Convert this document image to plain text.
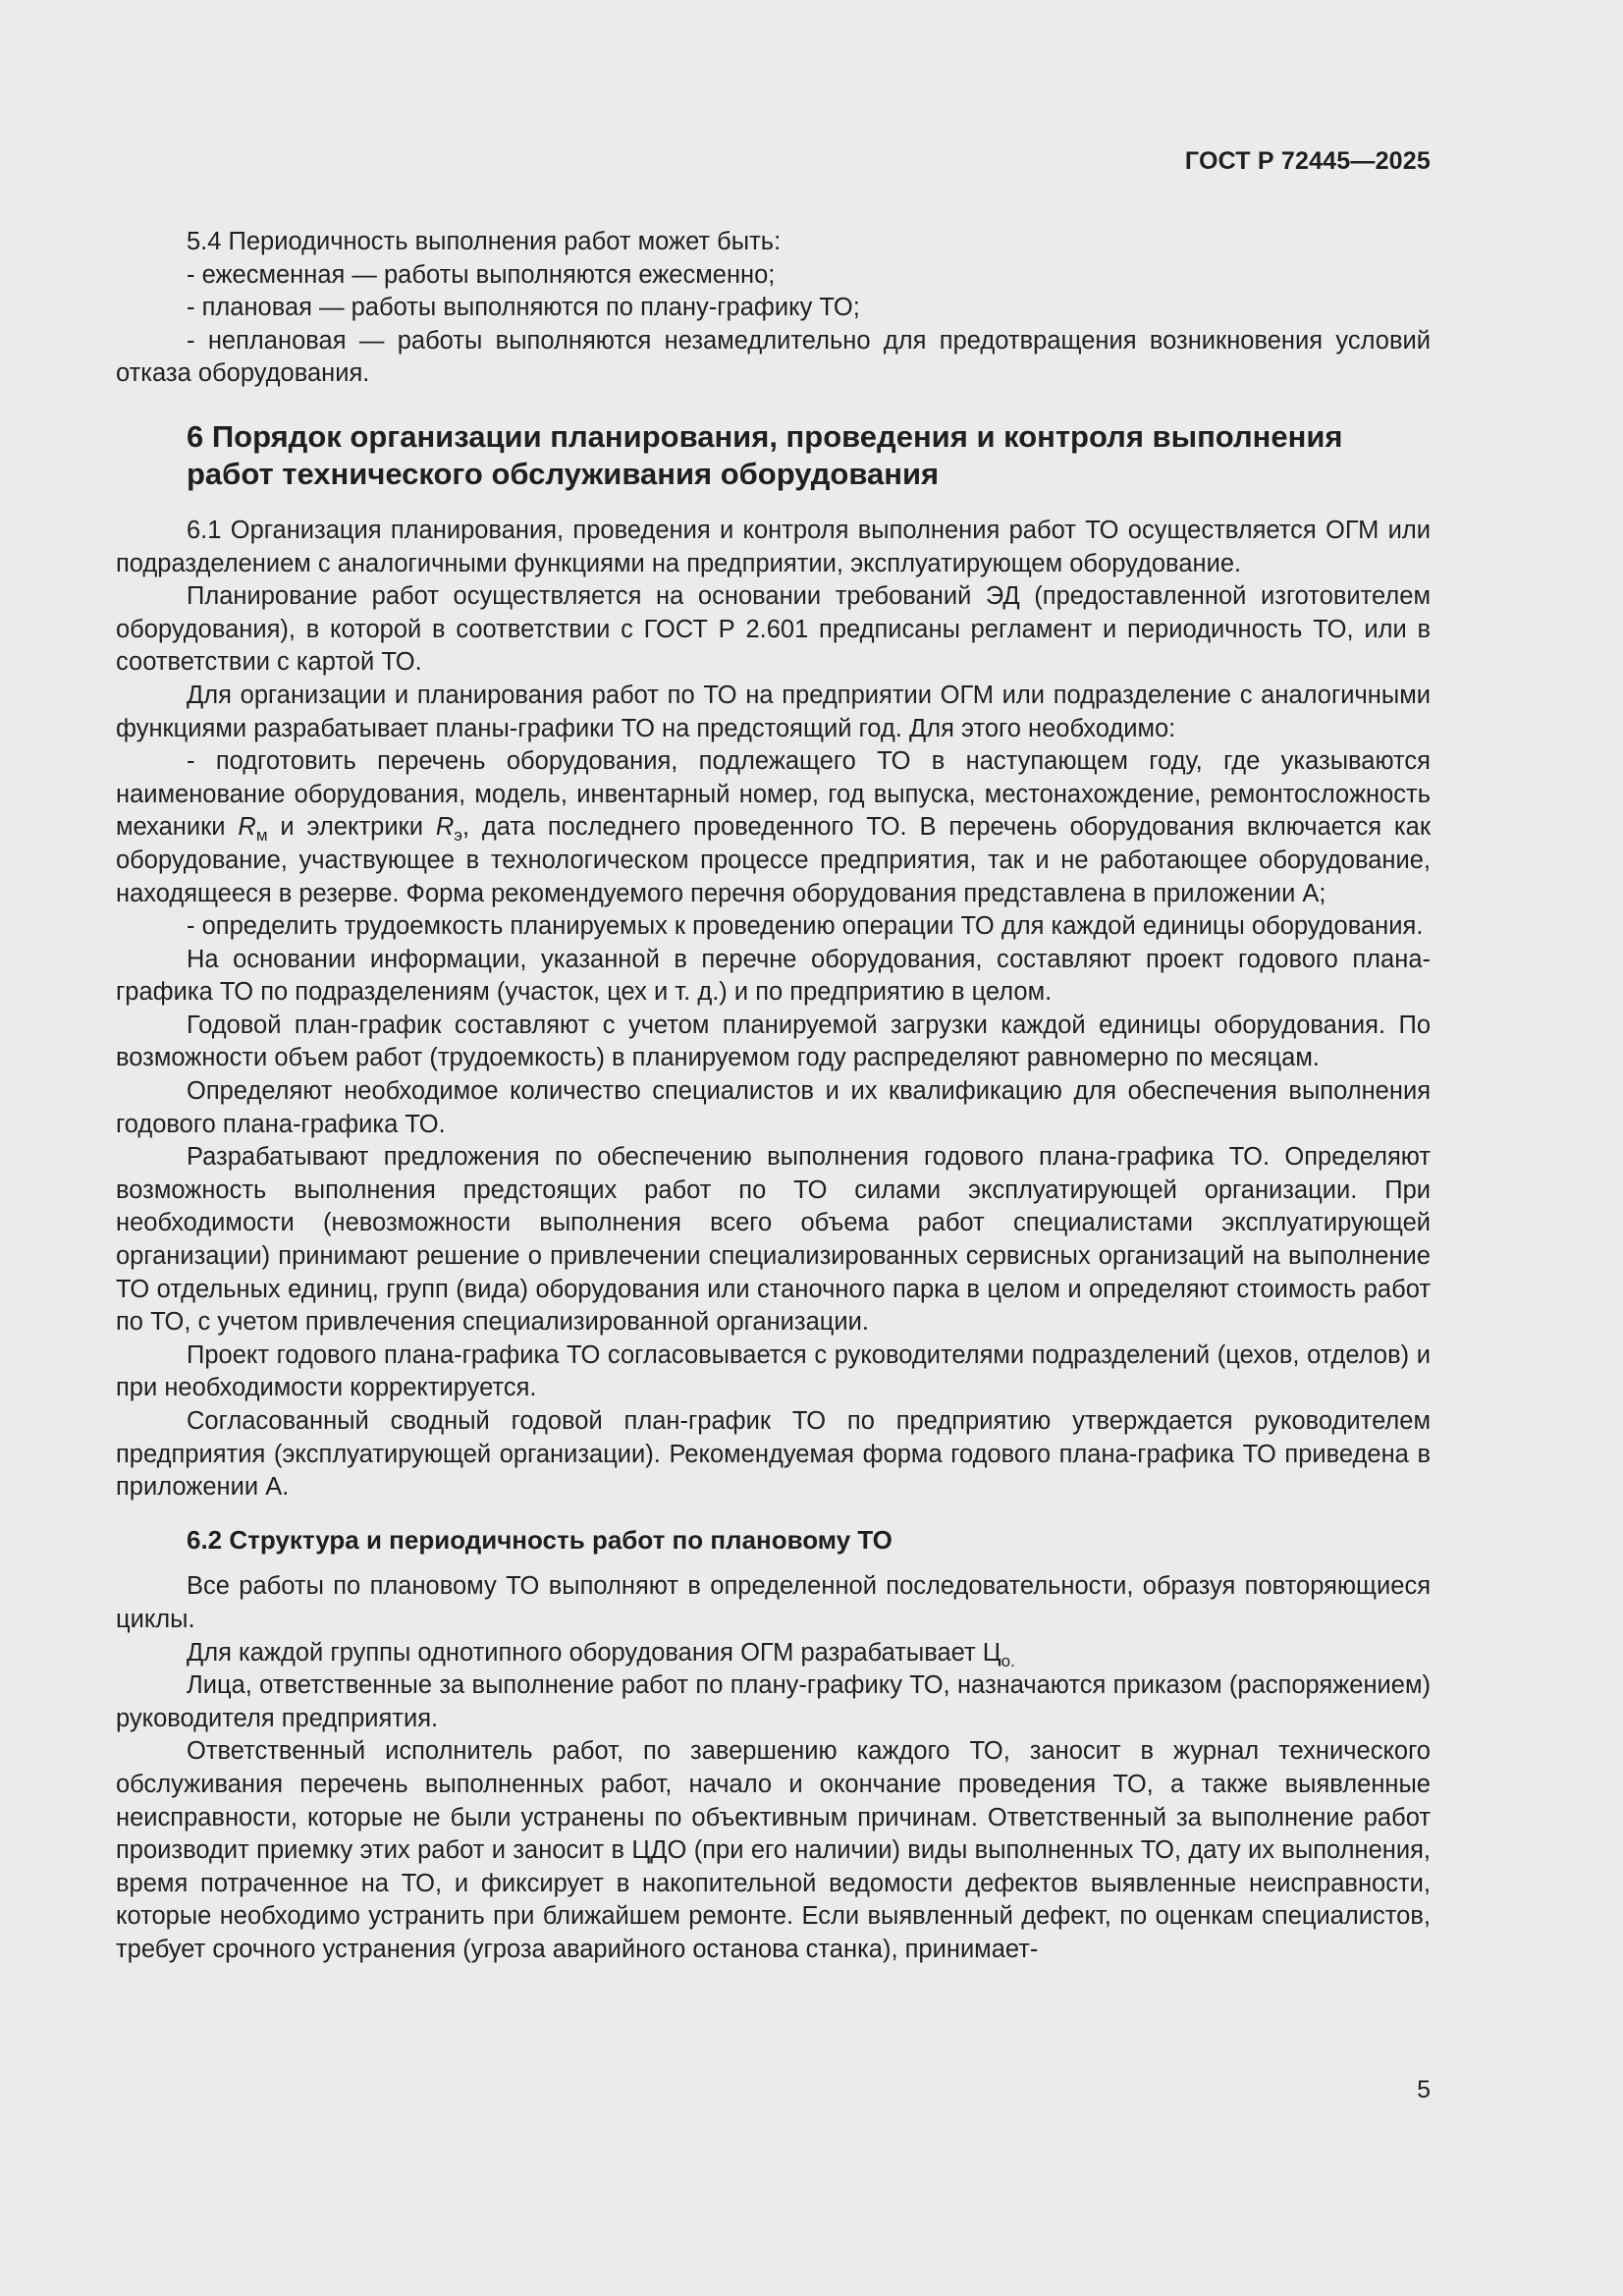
ГОСТ Р 72445—2025

5.4 Периодичность выполнения работ может быть:

- ежесменная — работы выполняются ежесменно;

- плановая — работы выполняются по плану-графику ТО;

- неплановая — работы выполняются незамедлительно для предотвращения возникновения условий отказа оборудования.

6 Порядок организации планирования, проведения и контроля выполнения работ технического обслуживания оборудования

6.1 Организация планирования, проведения и контроля выполнения работ ТО осуществляется ОГМ или подразделением с аналогичными функциями на предприятии, эксплуатирующем оборудование.

Планирование работ осуществляется на основании требований ЭД (предоставленной изготовителем оборудования), в которой в соответствии с ГОСТ Р 2.601 предписаны регламент и периодичность ТО, или в соответствии с картой ТО.

Для организации и планирования работ по ТО на предприятии ОГМ или подразделение с аналогичными функциями разрабатывает планы-графики ТО на предстоящий год. Для этого необходимо:

- подготовить перечень оборудования, подлежащего ТО в наступающем году, где указываются наименование оборудования, модель, инвентарный номер, год выпуска, местонахождение, ремонтосложность механики $R_м$ и электрики $R_э$, дата последнего проведенного ТО. В перечень оборудования включается как оборудование, участвующее в технологическом процессе предприятия, так и не работающее оборудование, находящееся в резерве. Форма рекомендуемого перечня оборудования представлена в приложении А;

- определить трудоемкость планируемых к проведению операции ТО для каждой единицы оборудования.

На основании информации, указанной в перечне оборудования, составляют проект годового плана-графика ТО по подразделениям (участок, цех и т. д.) и по предприятию в целом.

Годовой план-график составляют с учетом планируемой загрузки каждой единицы оборудования. По возможности объем работ (трудоемкость) в планируемом году распределяют равномерно по месяцам.

Определяют необходимое количество специалистов и их квалификацию для обеспечения выполнения годового плана-графика ТО.

Разрабатывают предложения по обеспечению выполнения годового плана-графика ТО. Определяют возможность выполнения предстоящих работ по ТО силами эксплуатирующей организации. При необходимости (невозможности выполнения всего объема работ специалистами эксплуатирующей организации) принимают решение о привлечении специализированных сервисных организаций на выполнение ТО отдельных единиц, групп (вида) оборудования или станочного парка в целом и определяют стоимость работ по ТО, с учетом привлечения специализированной организации.

Проект годового плана-графика ТО согласовывается с руководителями подразделений (цехов, отделов) и при необходимости корректируется.

Согласованный сводный годовой план-график ТО по предприятию утверждается руководителем предприятия (эксплуатирующей организации). Рекомендуемая форма годового плана-графика ТО приведена в приложении А.

6.2 Структура и периодичность работ по плановому ТО

Все работы по плановому ТО выполняют в определенной последовательности, образуя повторяющиеся циклы.

Для каждой группы однотипного оборудования ОГМ разрабатывает $Ц_{о.}$

Лица, ответственные за выполнение работ по плану-графику ТО, назначаются приказом (распоряжением) руководителя предприятия.

Ответственный исполнитель работ, по завершению каждого ТО, заносит в журнал технического обслуживания перечень выполненных работ, начало и окончание проведения ТО, а также выявленные неисправности, которые не были устранены по объективным причинам. Ответственный за выполнение работ производит приемку этих работ и заносит в ЦДО (при его наличии) виды выполненных ТО, дату их выполнения, время потраченное на ТО, и фиксирует в накопительной ведомости дефектов выявленные неисправности, которые необходимо устранить при ближайшем ремонте. Если выявленный дефект, по оценкам специалистов, требует срочного устранения (угроза аварийного останова станка), принимает-

5
